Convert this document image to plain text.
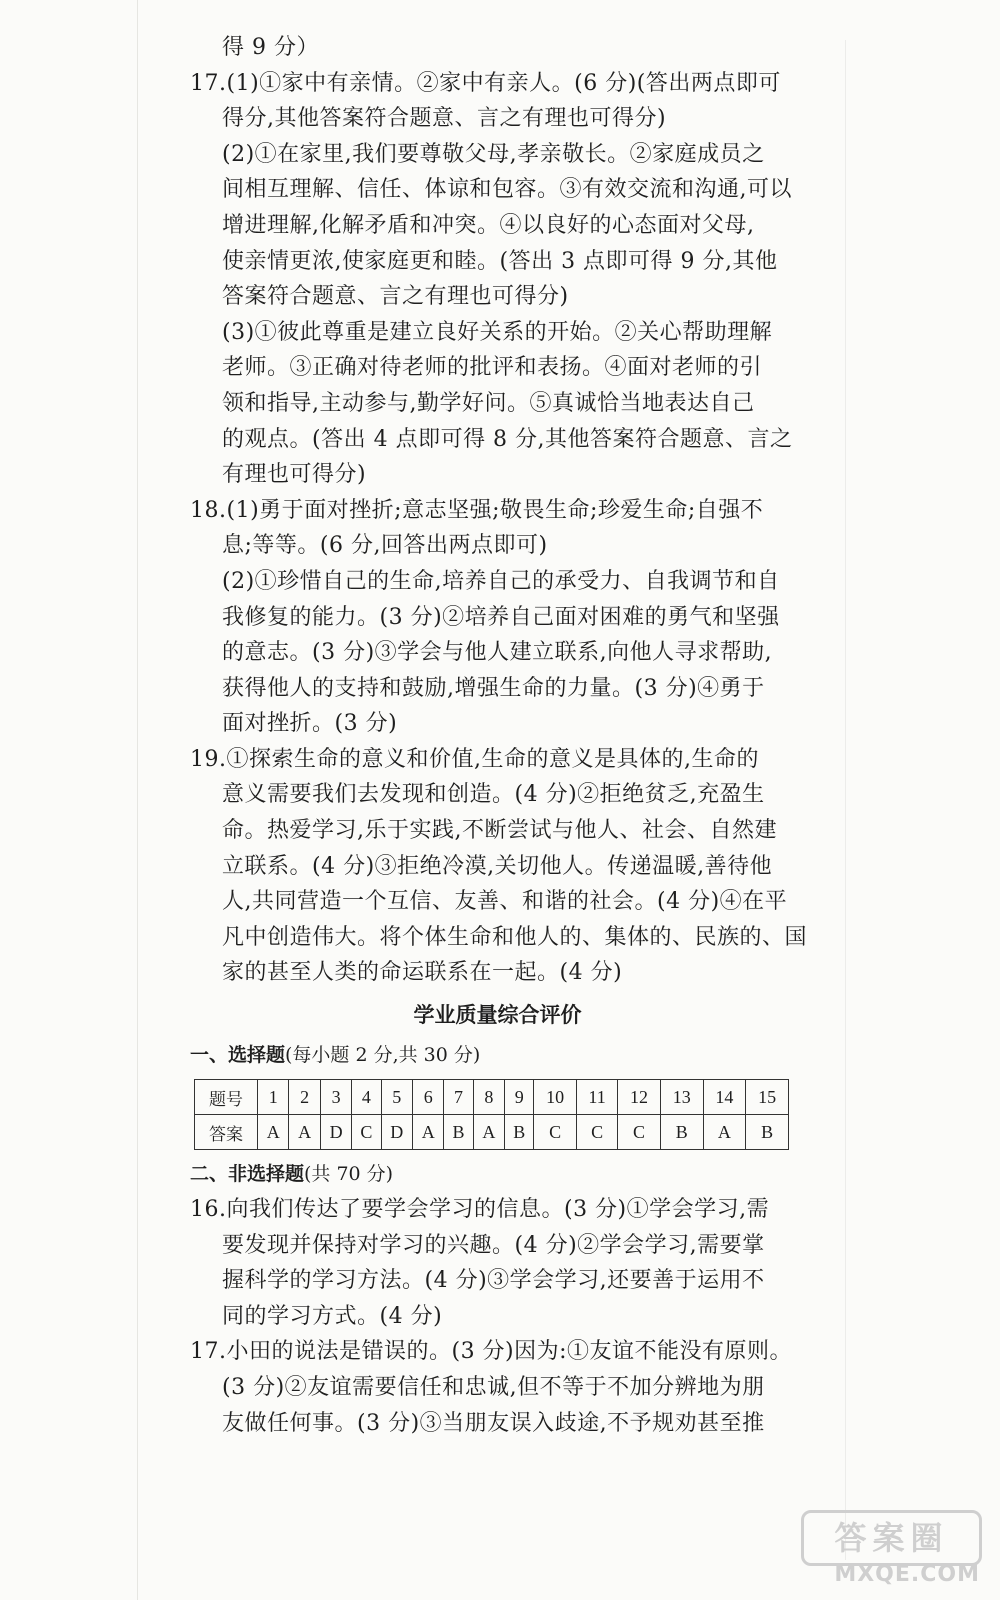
得 9 分）
17.(1)①家中有亲情。②家中有亲人。(6 分)(答出两点即可
得分,其他答案符合题意、言之有理也可得分)
(2)①在家里,我们要尊敬父母,孝亲敬长。②家庭成员之
间相互理解、信任、体谅和包容。③有效交流和沟通,可以
增进理解,化解矛盾和冲突。④以良好的心态面对父母,
使亲情更浓,使家庭更和睦。(答出 3 点即可得 9 分,其他
答案符合题意、言之有理也可得分)
(3)①彼此尊重是建立良好关系的开始。②关心帮助理解
老师。③正确对待老师的批评和表扬。④面对老师的引
领和指导,主动参与,勤学好问。⑤真诚恰当地表达自己
的观点。(答出 4 点即可得 8 分,其他答案符合题意、言之
有理也可得分)
18.(1)勇于面对挫折;意志坚强;敬畏生命;珍爱生命;自强不
息;等等。(6 分,回答出两点即可)
(2)①珍惜自己的生命,培养自己的承受力、自我调节和自
我修复的能力。(3 分)②培养自己面对困难的勇气和坚强
的意志。(3 分)③学会与他人建立联系,向他人寻求帮助,
获得他人的支持和鼓励,增强生命的力量。(3 分)④勇于
面对挫折。(3 分)
19.①探索生命的意义和价值,生命的意义是具体的,生命的
意义需要我们去发现和创造。(4 分)②拒绝贫乏,充盈生
命。热爱学习,乐于实践,不断尝试与他人、社会、自然建
立联系。(4 分)③拒绝冷漠,关切他人。传递温暖,善待他
人,共同营造一个互信、友善、和谐的社会。(4 分)④在平
凡中创造伟大。将个体生命和他人的、集体的、民族的、国
家的甚至人类的命运联系在一起。(4 分)
学业质量综合评价
一、选择题(每小题 2 分,共 30 分)
题号	1	2	3	4	5	6	7	8	9	10	11	12	13	14	15
答案	A	A	D	C	D	A	B	A	B	C	C	C	B	A	B
二、非选择题(共 70 分)
16.向我们传达了要学会学习的信息。(3 分)①学会学习,需
要发现并保持对学习的兴趣。(4 分)②学会学习,需要掌
握科学的学习方法。(4 分)③学会学习,还要善于运用不
同的学习方式。(4 分)
17.小田的说法是错误的。(3 分)因为:①友谊不能没有原则。
(3 分)②友谊需要信任和忠诚,但不等于不加分辨地为朋
友做任何事。(3 分)③当朋友误入歧途,不予规劝甚至推
答案圈
MXQE.COM
